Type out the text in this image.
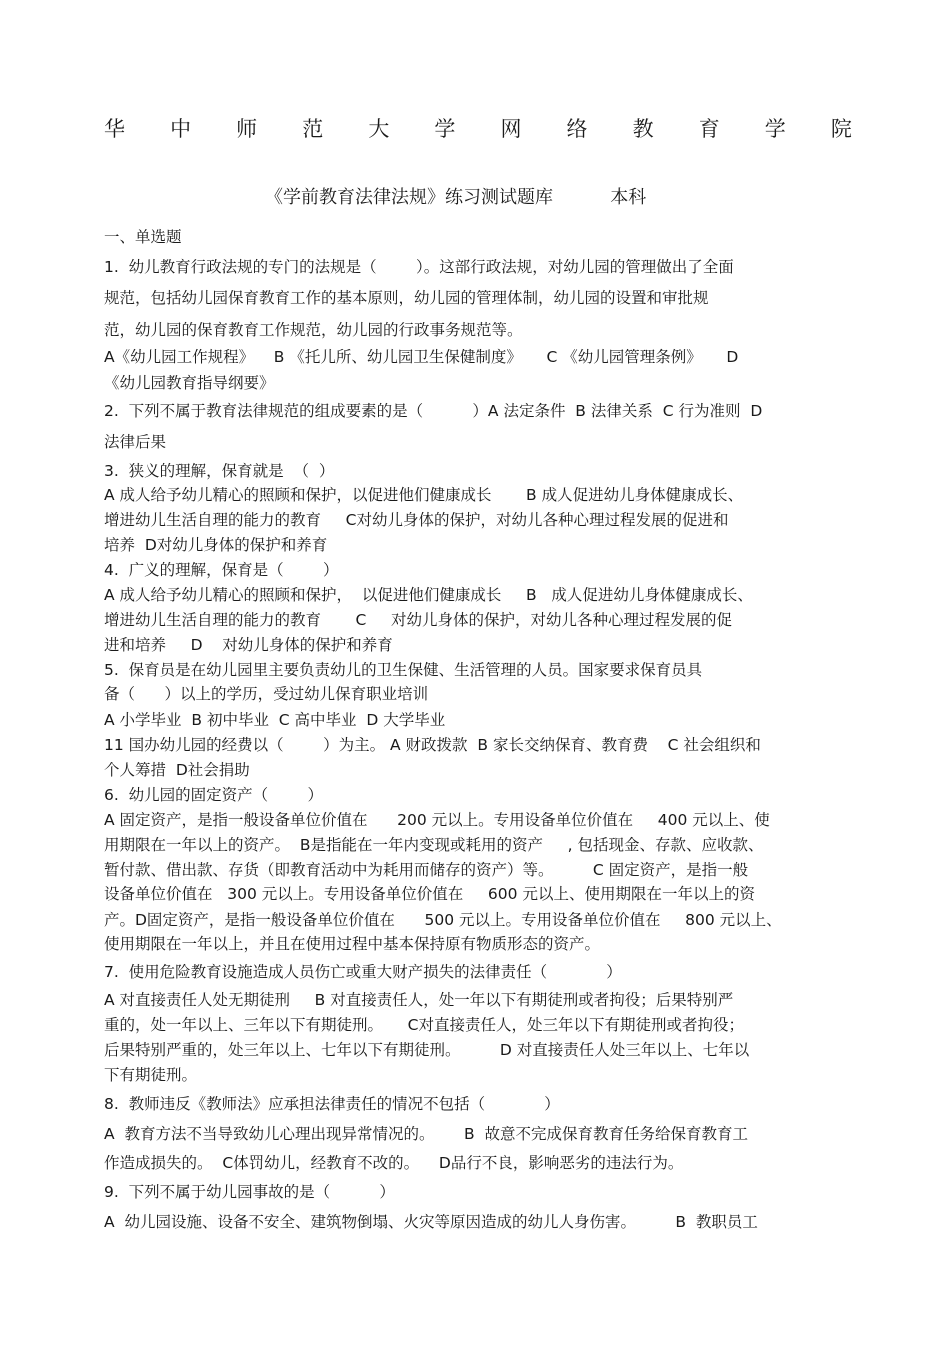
华 中 师 范 大 学 网 络 教 育 学 院
《学前教育法律法规》练习测试题库          本科
一、单选题
1.  幼儿教育行政法规的专门的法规是（        ）。这部行政法规，对幼儿园的管理做出了全面
规范，包括幼儿园保育教育工作的基本原则，幼儿园的管理体制，幼儿园的设置和审批规
范，幼儿园的保育教育工作规范，幼儿园的行政事务规范等。
A《幼儿园工作规程》    B 《托儿所、幼儿园卫生保健制度》     C 《幼儿园管理条例》     D
《幼儿园教育指导纲要》
2.  下列不属于教育法律规范的组成要素的是（          ）A 法定条件  B 法律关系  C 行为准则  D
法律后果
3.  狭义的理解，保育就是  （  ）
A 成人给予幼儿精心的照顾和保护，以促进他们健康成长       B 成人促进幼儿身体健康成长、
增进幼儿生活自理的能力的教育     C对幼儿身体的保护，对幼儿各种心理过程发展的促进和
培养  D对幼儿身体的保护和养育
4.  广义的理解，保育是（        ）
A 成人给予幼儿精心的照顾和保护，  以促进他们健康成长     B   成人促进幼儿身体健康成长、
增进幼儿生活自理的能力的教育       C     对幼儿身体的保护，对幼儿各种心理过程发展的促
进和培养     D    对幼儿身体的保护和养育
5.  保育员是在幼儿园里主要负责幼儿的卫生保健、生活管理的人员。国家要求保育员具
备（      ）以上的学历，受过幼儿保育职业培训
A 小学毕业  B 初中毕业  C 高中毕业  D 大学毕业
11 国办幼儿园的经费以（        ）为主。 A 财政拨款  B 家长交纳保育、教育费    C 社会组织和
个人筹措  D社会捐助
6.  幼儿园的固定资产（        ）
A 固定资产，是指一般设备单位价值在      200 元以上。专用设备单位价值在     400 元以上、使
用期限在一年以上的资产。  B是指能在一年内变现或耗用的资产     , 包括现金、存款、应收款、
暂付款、借出款、存货（即教育活动中为耗用而储存的资产）等。        C 固定资产，是指一般
设备单位价值在   300 元以上。专用设备单位价值在     600 元以上、使用期限在一年以上的资
产。D固定资产，是指一般设备单位价值在      500 元以上。专用设备单位价值在     800 元以上、
使用期限在一年以上，并且在使用过程中基本保持原有物质形态的资产。
7.  使用危险教育设施造成人员伤亡或重大财产损失的法律责任（            ）
A 对直接责任人处无期徒刑     B 对直接责任人，处一年以下有期徒刑或者拘役；后果特别严
重的，处一年以上、三年以下有期徒刑。     C对直接责任人，处三年以下有期徒刑或者拘役；
后果特别严重的，处三年以上、七年以下有期徒刑。        D 对直接责任人处三年以上、七年以
下有期徒刑。
8.  教师违反《教师法》应承担法律责任的情况不包括（            ）
A  教育方法不当导致幼儿心理出现异常情况的。      B  故意不完成保育教育任务给保育教育工
作造成损失的。  C体罚幼儿，经教育不改的。    D品行不良，影响恶劣的违法行为。
9.  下列不属于幼儿园事故的是（          ）
A  幼儿园设施、设备不安全、建筑物倒塌、火灾等原因造成的幼儿人身伤害。        B  教职员工
